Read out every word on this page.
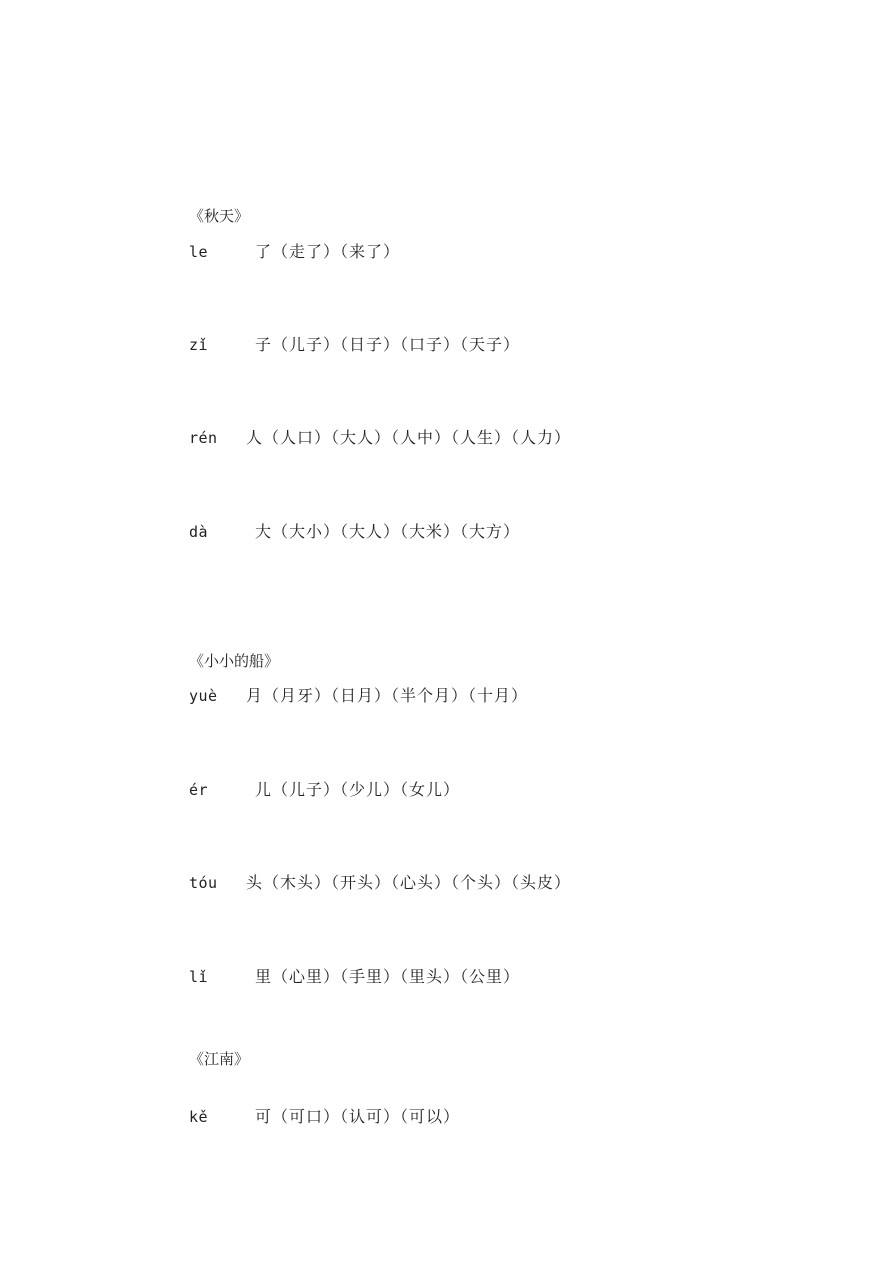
《秋天》
le	了（走了）（来了）
zǐ	子（儿子）（日子）（口子）（天子）
rén 人（人口）（大人）（人中）（人生）（人力）
dà	大（大小）（大人）（大米）（大方）
《小小的船》
yuè 月（月牙）（日月）（半个月）（十月）
ér	儿（儿子）（少儿）（女儿）
tóu 头（木头）（开头）（心头）（个头）（头皮）
lǐ	里（心里）（手里）（里头）（公里）
《江南》
kě	可（可口）（认可）（可以）
